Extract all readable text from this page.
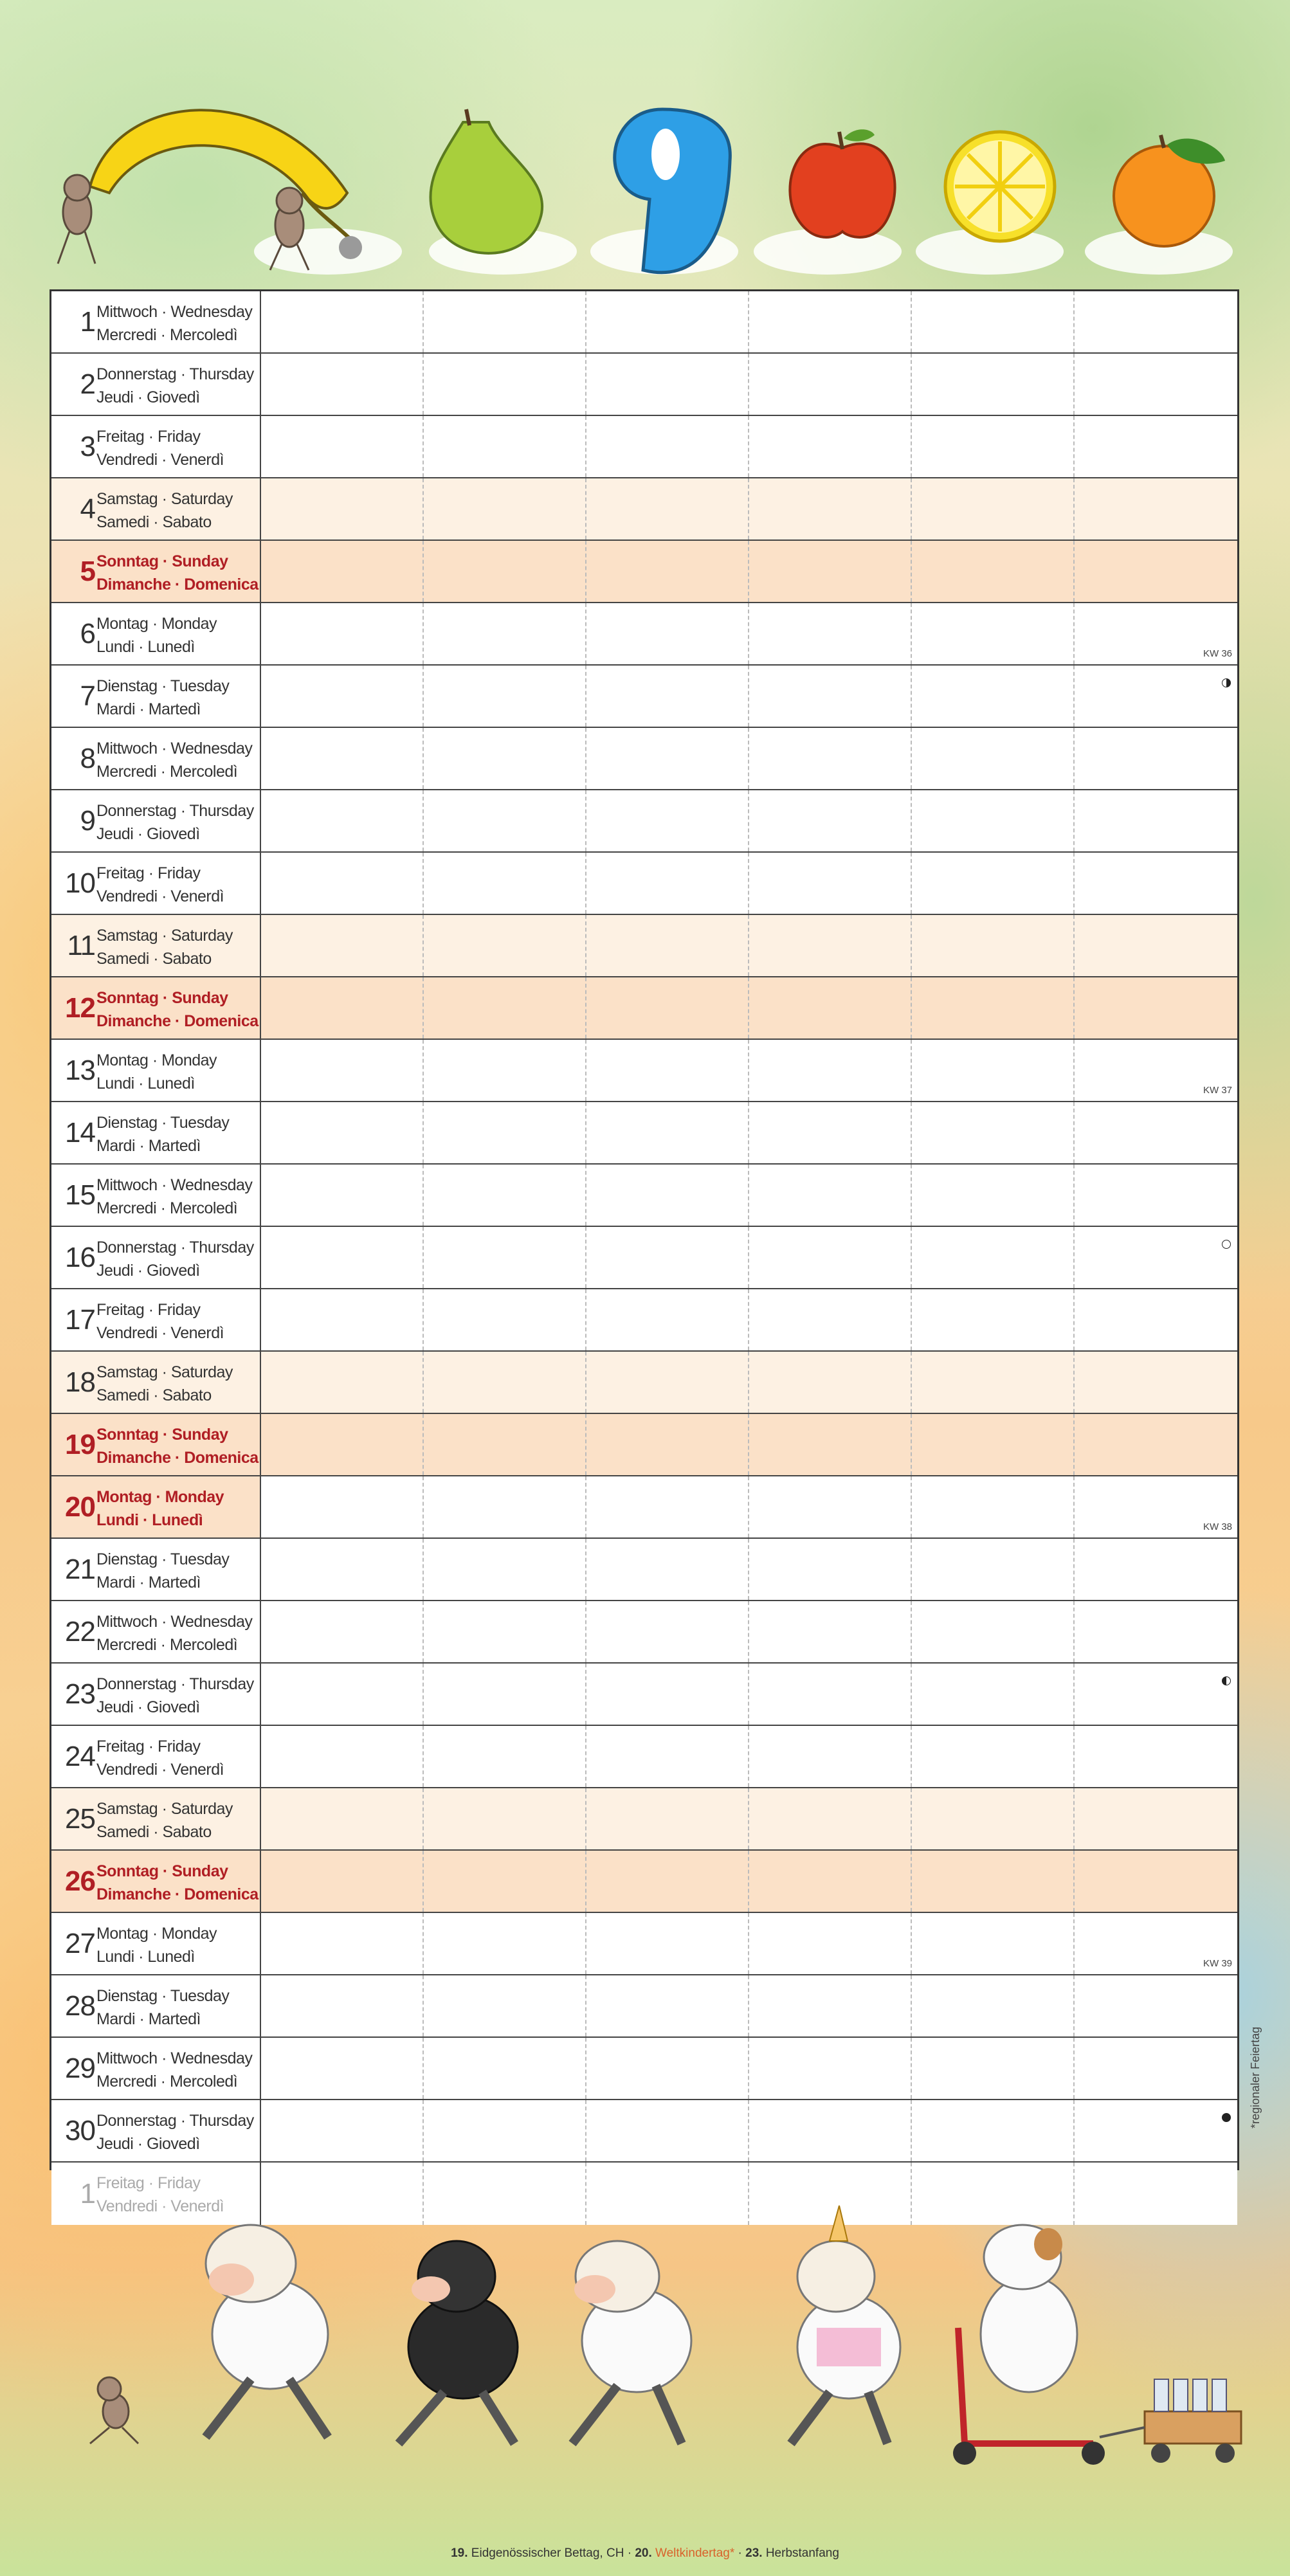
1 Mittwoch · Wednesday
Mercredi · Mercoledì
2 Donnerstag · Thursday
Jeudi · Giovedì
3 Freitag · Friday
Vendredi · Venerdì
4 Samstag · Saturday
Samedi · Sabato
5 Sonntag · Sunday
Dimanche · Domenica
6 Montag · Monday
Lundi · Lunedì	KW 36
7 Dienstag · Tuesday
Mardi · Martedì
8 Mittwoch · Wednesday
Mercredi · Mercoledì
9 Donnerstag · Thursday
Jeudi · Giovedì
10 Freitag · Friday
Vendredi · Venerdì
11 Samstag · Saturday
Samedi · Sabato
12 Sonntag · Sunday
Dimanche · Domenica
13 Montag · Monday
Lundi · Lunedì	KW 37
14 Dienstag · Tuesday
Mardi · Martedì
15 Mittwoch · Wednesday
Mercredi · Mercoledì
16 Donnerstag · Thursday
Jeudi · Giovedì
17 Freitag · Friday
Vendredi · Venerdì
18 Samstag · Saturday
Samedi · Sabato
19 Sonntag · Sunday
Dimanche · Domenica
20 Montag · Monday
Lundi · Lunedì	KW 38
21 Dienstag · Tuesday
Mardi · Martedì
22 Mittwoch · Wednesday
Mercredi · Mercoledì
23 Donnerstag · Thursday
Jeudi · Giovedì
24 Freitag · Friday
Vendredi · Venerdì
25 Samstag · Saturday
Samedi · Sabato
26 Sonntag · Sunday
Dimanche · Domenica
27 Montag · Monday
Lundi · Lunedì	KW 39
28 Dienstag · Tuesday
Mardi · Martedì
29 Mittwoch · Wednesday
Mercredi · Mercoledì
30 Donnerstag · Thursday
Jeudi · Giovedì
1 Freitag · Friday
Vendredi · Venerdì
*regionaler Feiertag
19. Eidgenössischer Bettag, CH · 20. Weltkindertag* · 23. Herbstanfang
